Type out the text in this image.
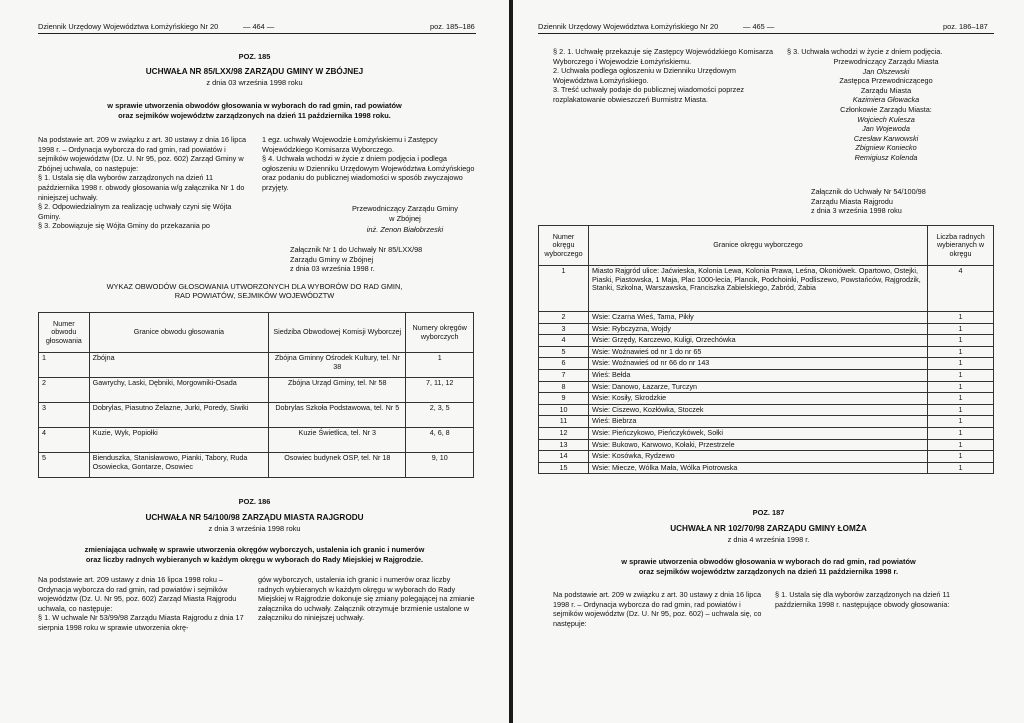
Dziennik Urzędowy Województwa Łomżyńskiego Nr 20	— 464 —	poz. 185–186
POZ. 185
UCHWAŁA NR 85/LXX/98 ZARZĄDU GMINY W ZBÓJNEJ
z dnia 03 września 1998 roku
w sprawie utworzenia obwodów głosowania w wyborach do rad gmin, rad powiatów
oraz sejmików województw zarządzonych na dzień 11 października 1998 roku.

Na podstawie art. 209 w związku z art. 30 ustawy z dnia 16 lipca 1998 r. – Ordynacja wyborcza do rad gmin, rad powiatów i sejmików województw (Dz. U. Nr 95, poz. 602) Zarząd Gminy w Zbójnej uchwala, co następuje:

§ 1. Ustala się dla wyborów zarządzonych na dzień 11 października 1998 r. obwody głosowania w/g załącznika Nr 1 do niniejszej uchwały.

§ 2. Odpowiedzialnym za realizację uchwały czyni się Wójta Gminy.

§ 3. Zobowiązuje się Wójta Gminy do przekazania po

1 egz. uchwały Wojewodzie Łomżyńskiemu i Zastępcy Wojewódzkiego Komisarza Wyborczego.

§ 4. Uchwała wchodzi w życie z dniem podjęcia i podlega ogłoszeniu w Dzienniku Urzędowym Województwa Łomżyńskiego oraz podaniu do publicznej wiadomości w sposób zwyczajowo przyjęty.

Przewodniczący Zarządu Gminy
w Zbójnej
inż. Zenon Białobrzeski

Załącznik Nr 1 do Uchwały Nr 85/LXX/98

Zarządu Gminy w Zbójnej

z dnia 03 września 1998 r.

WYKAZ OBWODÓW GŁOSOWANIA UTWORZONYCH DLA WYBORÓW DO RAD GMIN,
RAD POWIATÓW, SEJMIKÓW WOJEWÓDZTW
Numer obwodu głosowania	Granice obwodu głosowania	Siedziba Obwodowej Komisji Wyborczej	Numery okręgów wyborczych
1	Zbójna	Zbójna Gminny Ośrodek Kultury, tel. Nr 38	1
2	Gawrychy, Laski, Dębniki, Morgowniki-Osada	Zbójna Urząd Gminy, tel. Nr 58	7, 11, 12
3	Dobrylas, Piasutno Żelazne, Jurki, Poredy, Siwiki	Dobrylas Szkoła Podstawowa, tel. Nr 5	2, 3, 5
4	Kuzie, Wyk, Popiołki	Kuzie Świetlica, tel. Nr 3	4, 6, 8
5	Bienduszka, Stanisławowo, Pianki, Tabory, Ruda Osowiecka, Gontarze, Osowiec	Osowiec budynek OSP, tel. Nr 18	9, 10
POZ. 186
UCHWAŁA NR 54/100/98 ZARZĄDU MIASTA RAJGRODU
z dnia 3 września 1998 roku
zmieniająca uchwałę w sprawie utworzenia okręgów wyborczych, ustalenia ich granic i numerów
oraz liczby radnych wybieranych w każdym okręgu w wyborach do Rady Miejskiej w Rajgrodzie.

Na podstawie art. 209 ustawy z dnia 16 lipca 1998 roku – Ordynacja wyborcza do rad gmin, rad powiatów i sejmików województw (Dz. U. Nr 95, poz. 602) Zarząd Miasta Rajgrodu uchwala, co następuje:

§ 1. W uchwale Nr 53/99/98 Zarządu Miasta Rajgrodu z dnia 17 sierpnia 1998 roku w sprawie utworzenia okrę-

gów wyborczych, ustalenia ich granic i numerów oraz liczby radnych wybieranych w każdym okręgu w wyborach do Rady Miejskiej w Rajgrodzie dokonuje się zmiany polegającej na zmianie załącznika do uchwały. Załącznik otrzymuje brzmienie ustalone w załączniku do niniejszej uchwały.

Dziennik Urzędowy Województwa Łomżyńskiego Nr 20	— 465 —	poz. 186–187

§ 2. 1. Uchwałę przekazuje się Zastępcy Wojewódzkiego Komisarza Wyborczego i Wojewodzie Łomżyńskiemu.

2. Uchwała podlega ogłoszeniu w Dzienniku Urzędowym Województwa Łomżyńskiego.

3. Treść uchwały podaje do publicznej wiadomości poprzez rozplakatowanie obwieszczeń Burmistrz Miasta.

§ 3. Uchwała wchodzi w życie z dniem podjęcia.

Przewodniczący Zarządu Miasta

Jan Olszewski

Zastępca Przewodniczącego

Zarządu Miasta

Kazimiera Głowacka

Członkowie Zarządu Miasta:

Wojciech Kulesza

Jan Wojewoda

Czesław Karwowski

Zbigniew Koniecko

Remigiusz Kolenda

Załącznik do Uchwały Nr 54/100/98

Zarządu Miasta Rajgrodu

z dnia 3 września 1998 roku

Numer okręgu wyborczego	Granice okręgu wyborczego	Liczba radnych wybieranych w okręgu
1	Miasto Rajgród ulice: Jaćwieska, Kolonia Lewa, Kolonia Prawa, Leśna, Okoniówek. Opartowo, Ostejki, Piaski, Piastowska, 1 Maja, Plac 1000-lecia, Plancik, Podchoinki, Podliszewo, Powstańców, Rajgrodzik, Stanki, Szkolna, Warszawska, Franciszka Zabielskiego, Zabród, Żabia	4
2	Wsie: Czarna Wieś, Tama, Pikły	1
3	Wsie: Rybczyzna, Wojdy	1
4	Wsie: Grzędy, Karczewo, Kuligi, Orzechówka	1
5	Wsie: Woźnawieś od nr 1 do nr 65	1
6	Wsie: Woźnawieś od nr 66 do nr 143	1
7	Wieś: Bełda	1
8	Wsie: Danowo, Łazarze, Turczyn	1
9	Wsie: Kosiły, Skrodzkie	1
10	Wsie: Ciszewo, Kozłówka, Stoczek	1
11	Wieś: Biebrza	1
12	Wsie: Pieńczykowo, Pieńczykówek, Sołki	1
13	Wsie: Bukowo, Karwowo, Kołaki, Przestrzele	1
14	Wsie: Kosówka, Rydzewo	1
15	Wsie: Miecze, Wólka Mała, Wólka Piotrowska	1
POZ. 187
UCHWAŁA NR 102/70/98 ZARZĄDU GMINY ŁOMŻA
z dnia 4 września 1998 r.
w sprawie utworzenia obwodów głosowania w wyborach do rad gmin, rad powiatów
oraz sejmików województw zarządzonych na dzień 11 października 1998 r.
Na podstawie art. 209 w związku z art. 30 ustawy z dnia 16 lipca 1998 r. – Ordynacja wyborcza do rad gmin, rad powiatów i sejmików województw (Dz. U. Nr 95, poz. 602) – uchwala się, co następuje:
§ 1. Ustala się dla wyborów zarządzonych na dzień 11 października 1998 r. następujące obwody głosowania:
